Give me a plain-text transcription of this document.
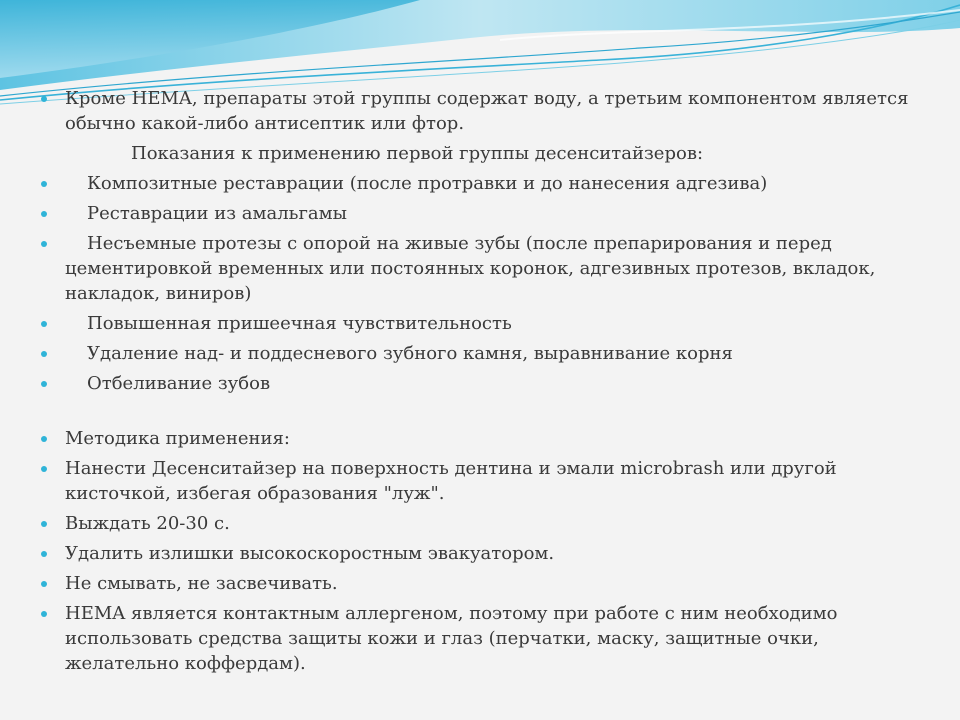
Кроме HEMA, препараты этой группы содержат воду, а третьим компонентом является обычно какой-либо антисептик или фтор.
Показания к применению первой группы десенситайзеров:
Композитные реставрации (после протравки и до нанесения адгезива)
Реставрации из амальгамы
Несъемные протезы с опорой на живые зубы (после препарирования и перед цементировкой временных или постоянных коронок, адгезивных протезов, вкладок, накладок, виниров)
Повышенная пришеечная чувствительность
Удаление над- и поддесневого зубного камня, выравнивание корня
Отбеливание зубов
Методика применения:
Нанести Десенситайзер на поверхность дентина и эмали microbrash или другой кисточкой, избегая образования "луж".
Выждать 20-30 с.
Удалить излишки высокоскоростным эвакуатором.
Не смывать, не засвечивать.
HEMA является контактным аллергеном, поэтому при работе с ним необходимо использовать средства защиты кожи и глаз (перчатки, маску, защитные очки, желательно коффердам).
